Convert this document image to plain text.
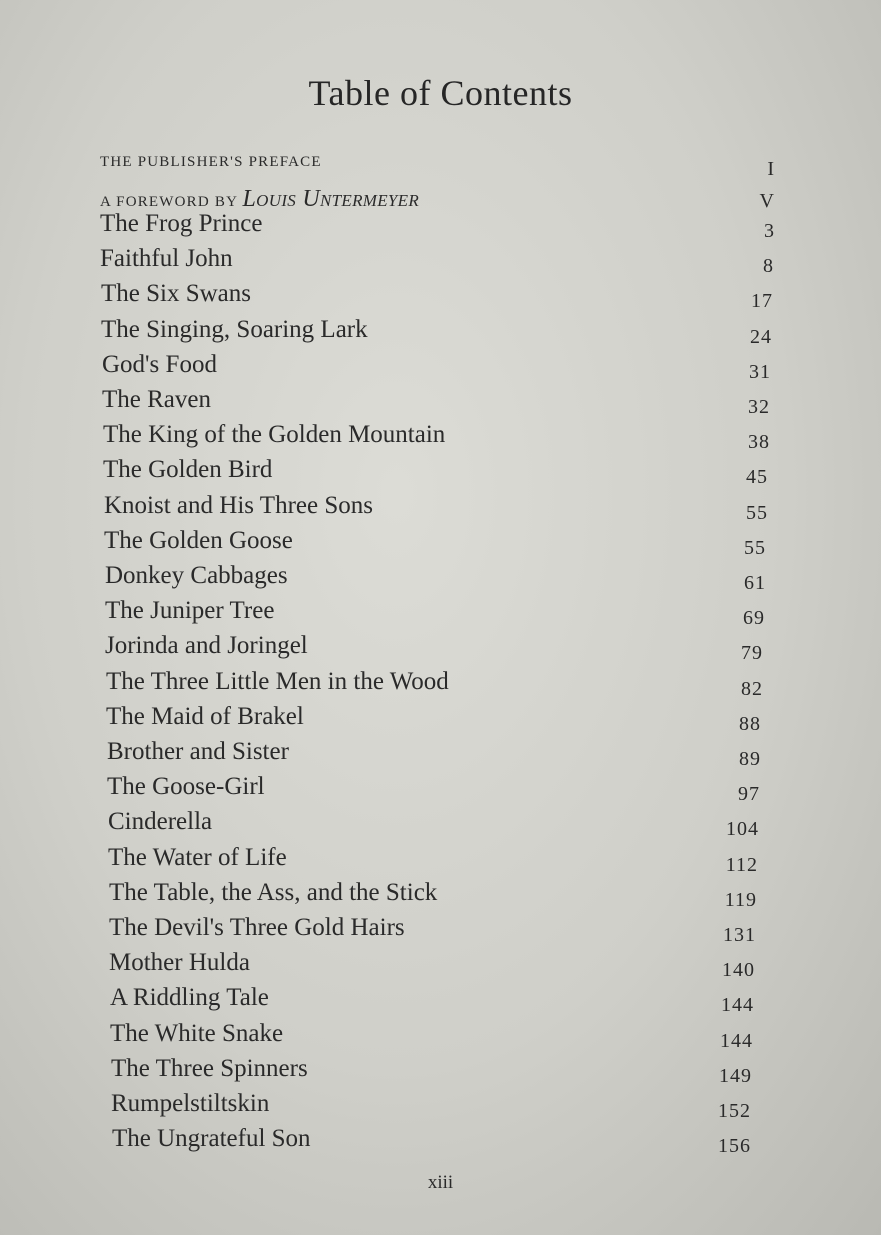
Table of Contents
THE PUBLISHER'S PREFACE	I
A FOREWORD BY Louis Untermeyer	V
The Frog Prince	3
Faithful John	8
The Six Swans	17
The Singing, Soaring Lark	24
God's Food	31
The Raven	32
The King of the Golden Mountain	38
The Golden Bird	45
Knoist and His Three Sons	55
The Golden Goose	55
Donkey Cabbages	61
The Juniper Tree	69
Jorinda and Joringel	79
The Three Little Men in the Wood	82
The Maid of Brakel	88
Brother and Sister	89
The Goose-Girl	97
Cinderella	104
The Water of Life	112
The Table, the Ass, and the Stick	119
The Devil's Three Gold Hairs	131
Mother Hulda	140
A Riddling Tale	144
The White Snake	144
The Three Spinners	149
Rumpelstiltskin	152
The Ungrateful Son	156
xiii
